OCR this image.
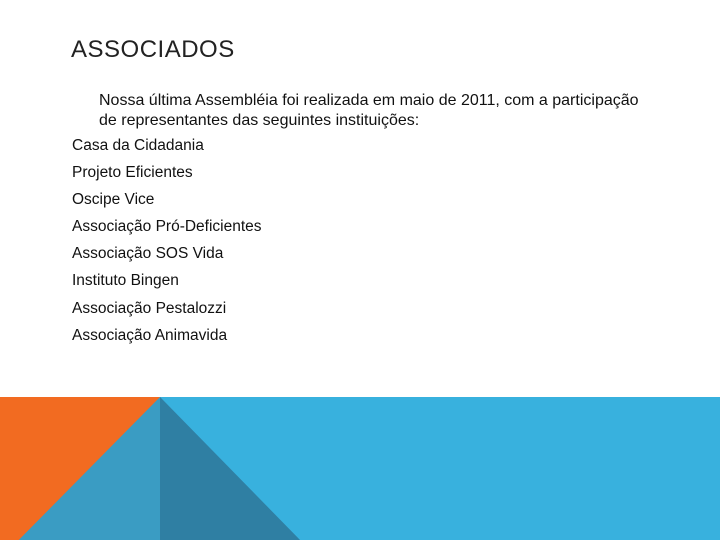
ASSOCIADOS
Nossa última Assembléia foi realizada em maio de 2011, com a participação de representantes das seguintes instituições:
Casa da Cidadania
Projeto Eficientes
Oscipe Vice
Associação Pró-Deficientes
Associação SOS Vida
Instituto Bingen
Associação Pestalozzi
Associação Animavida
